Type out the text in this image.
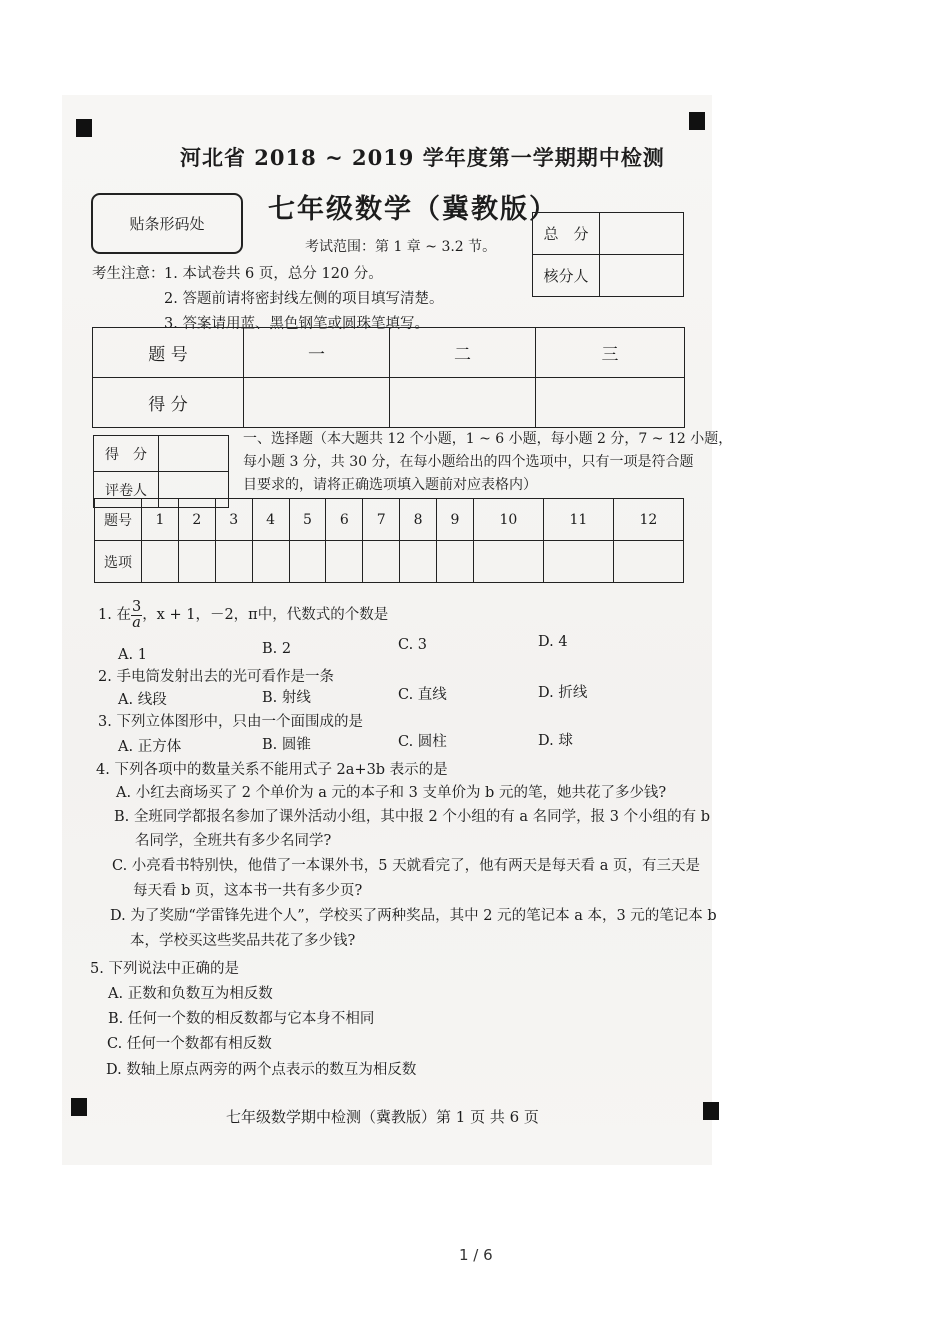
河北省 2018 ~ 2019 学年度第一学期期中检测
贴条形码处 七年级数学（冀教版）
考试范围：第 1 章 ~ 3.2 节。
总　分	
核分人	
考生注意： 1. 本试卷共 6 页，总分 120 分。
2. 答题前请将密封线左侧的项目填写清楚。
3. 答案请用蓝、黑色钢笔或圆珠笔填写。
题 号	一	二	三
得 分			
得　分	
评卷人	
一、选择题（本大题共 12 个小题，1 ~ 6 小题，每小题 2 分，7 ~ 12 小题，
每小题 3 分，共 30 分，在每小题给出的四个选项中，只有一项是符合题
目要求的，请将正确选项填入题前对应表格内）
题号	1	2	3	4	5	6	7	8	9	10	11	12
选项												
1. 在 $\frac{3}{a}$ ，x + 1，－2，π中，代数式的个数是
A. 1	B. 2	C. 3	D. 4
2. 手电筒发射出去的光可看作是一条
A. 线段	B. 射线	C. 直线	D. 折线
3. 下列立体图形中，只由一个面围成的是
A. 正方体	B. 圆锥	C. 圆柱	D. 球
4. 下列各项中的数量关系不能用式子 2a+3b 表示的是
A. 小红去商场买了 2 个单价为 a 元的本子和 3 支单价为 b 元的笔，她共花了多少钱?
B. 全班同学都报名参加了课外活动小组，其中报 2 个小组的有 a 名同学，报 3 个小组的有 b
名同学，全班共有多少名同学?
C. 小亮看书特别快，他借了一本课外书，5 天就看完了，他有两天是每天看 a 页，有三天是
每天看 b 页，这本书一共有多少页?
D. 为了奖励“学雷锋先进个人”，学校买了两种奖品，其中 2 元的笔记本 a 本，3 元的笔记本 b
本，学校买这些奖品共花了多少钱?
5. 下列说法中正确的是
A. 正数和负数互为相反数
B. 任何一个数的相反数都与它本身不相同
C. 任何一个数都有相反数
D. 数轴上原点两旁的两个点表示的数互为相反数
七年级数学期中检测（冀教版）第 1 页 共 6 页
1 / 6
